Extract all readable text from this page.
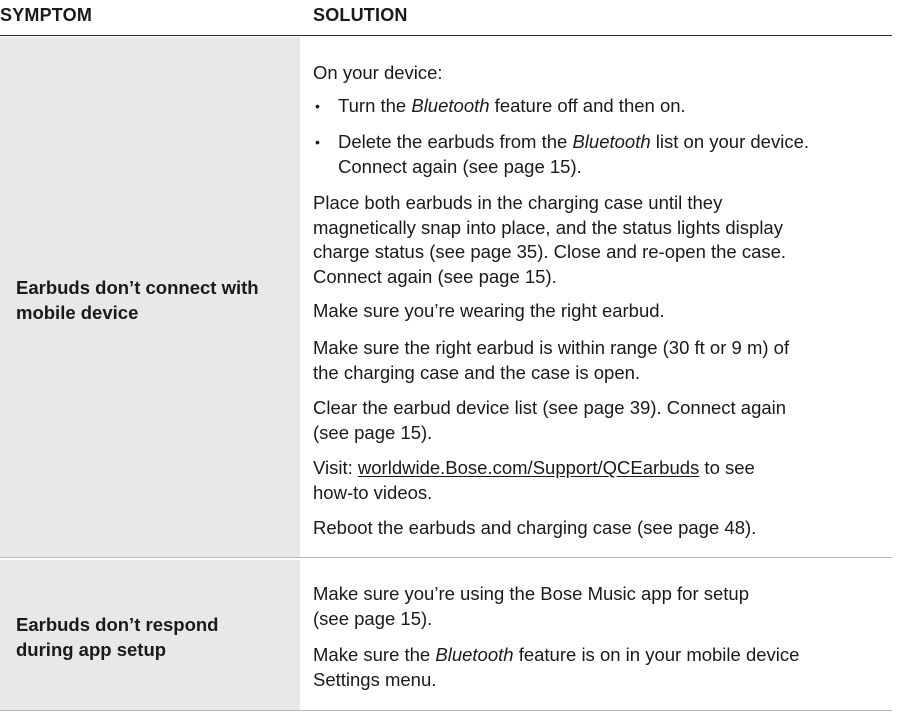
SYMPTOM	SOLUTION
Earbuds don’t connect with
mobile device

On your device:

• Turn the Bluetooth feature off and then on.

• Delete the earbuds from the Bluetooth list on your device.
Connect again (see page 15).

Place both earbuds in the charging case until they
magnetically snap into place, and the status lights display
charge status (see page 35). Close and re-open the case.
Connect again (see page 15).

Make sure you’re wearing the right earbud.

Make sure the right earbud is within range (30 ft or 9 m) of
the charging case and the case is open.

Clear the earbud device list (see page 39). Connect again
(see page 15).

Visit: worldwide.Bose.com/Support/QCEarbuds to see
how-to videos.

Reboot the earbuds and charging case (see page 48).

Earbuds don’t respond
during app setup

Make sure you’re using the Bose Music app for setup
(see page 15).

Make sure the Bluetooth feature is on in your mobile device
Settings menu.
